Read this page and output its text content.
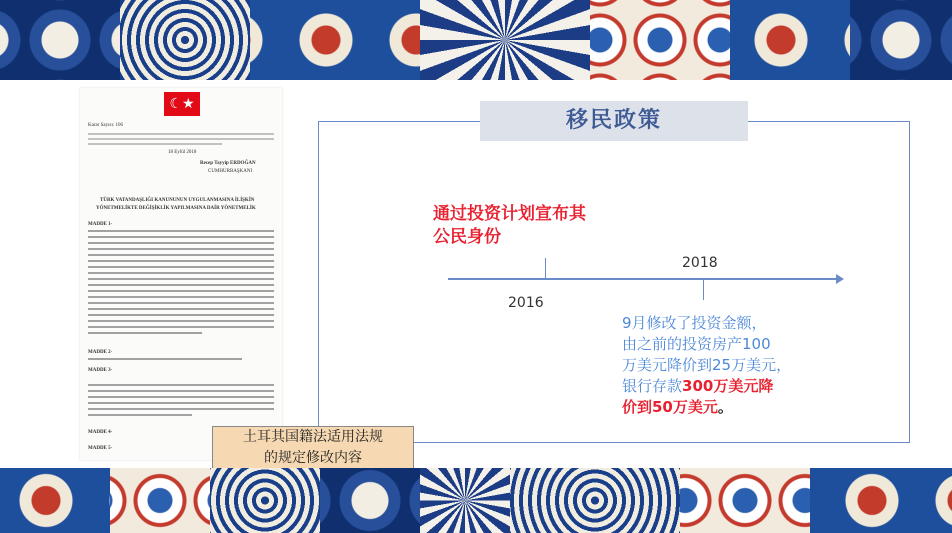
☾★
Karar Sayısı: 106
18 Eylül 2018
Recep Tayyip ERDOĞAN
CUMHURBAŞKANI
TÜRK VATANDAŞLIĞI KANUNUNUN UYGULANMASINA İLİŞKİN
YÖNETMELİKTE DEĞİŞİKLİK YAPILMASINA DAİR YÖNETMELİK
MADDE 1-
MADDE 2-
MADDE 3-
MADDE 4-
MADDE 5-
移民政策
通过投资计划宣布其
公民身份
2016
2018
9月修改了投资金额，
由之前的投资房产100
万美元降价到25万美元，
银行存款300万美元降
价到50万美元。
土耳其国籍法适用法规
的规定修改内容
